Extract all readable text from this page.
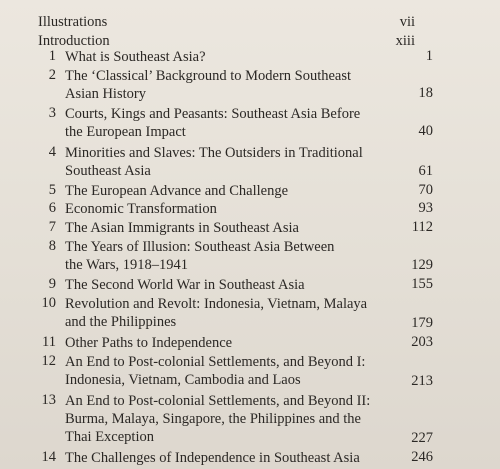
Illustrations	vii
Introduction	xiii
1 What is Southeast Asia?	1
2 The ‘Classical’ Background to Modern Southeast
Asian History	18
3 Courts, Kings and Peasants: Southeast Asia Before
the European Impact	40
4 Minorities and Slaves: The Outsiders in Traditional
Southeast Asia	61
5 The European Advance and Challenge	70
6 Economic Transformation	93
7 The Asian Immigrants in Southeast Asia	112
8 The Years of Illusion: Southeast Asia Between
the Wars, 1918–1941	129
9 The Second World War in Southeast Asia	155
10 Revolution and Revolt: Indonesia, Vietnam, Malaya
and the Philippines	179
11 Other Paths to Independence	203
12 An End to Post-colonial Settlements, and Beyond I:
Indonesia, Vietnam, Cambodia and Laos	213
13 An End to Post-colonial Settlements, and Beyond II:
Burma, Malaya, Singapore, the Philippines and the
Thai Exception	227
14 The Challenges of Independence in Southeast Asia	246
